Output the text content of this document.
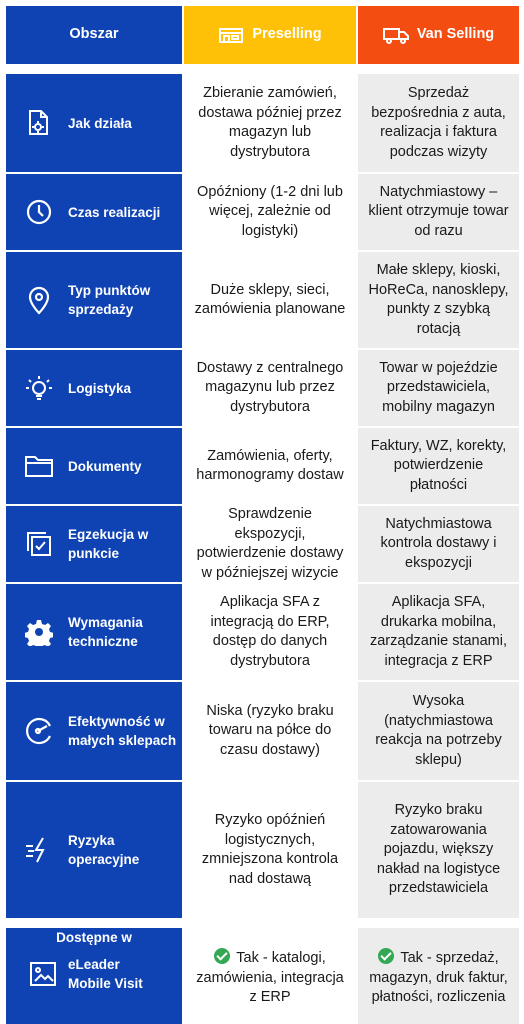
Obszar	Preselling	Van Selling
Jak działa
Zbieranie zamówień, dostawa później przez magazyn lub dystrybutora
Sprzedaż bezpośrednia z auta, realizacja i faktura podczas wizyty
Czas realizacji
Opóźniony (1-2 dni lub więcej, zależnie od logistyki)
Natychmiastowy – klient otrzymuje towar od razu
Typ punktów sprzedaży
Duże sklepy, sieci, zamówienia planowane
Małe sklepy, kioski, HoReCa, nanosklepy, punkty z szybką rotacją
Logistyka
Dostawy z centralnego magazynu lub przez dystrybutora
Towar w pojeździe przedstawiciela, mobilny magazyn
Dokumenty
Zamówienia, oferty, harmonogramy dostaw
Faktury, WZ, korekty, potwierdzenie płatności
Egzekucja w punkcie
Sprawdzenie ekspozycji, potwierdzenie dostawy w późniejszej wizycie
Natychmiastowa kontrola dostawy i ekspozycji
Wymagania techniczne
Aplikacja SFA z integracją do ERP, dostęp do danych dystrybutora
Aplikacja SFA, drukarka mobilna, zarządzanie stanami, integracja z ERP
Efektywność w małych sklepach
Niska (ryzyko braku towaru na półce do czasu dostawy)
Wysoka (natychmiastowa reakcja na potrzeby sklepu)
Ryzyka operacyjne
Ryzyko opóźnień logistycznych, zmniejszona kontrola nad dostawą
Ryzyko braku zatowarowania pojazdu, większy nakład na logistyce przedstawiciela
Dostępne w
eLeader Mobile Visit
Tak - katalogi, zamówienia, integracja z ERP
Tak - sprzedaż, magazyn, druk faktur, płatności, rozliczenia
